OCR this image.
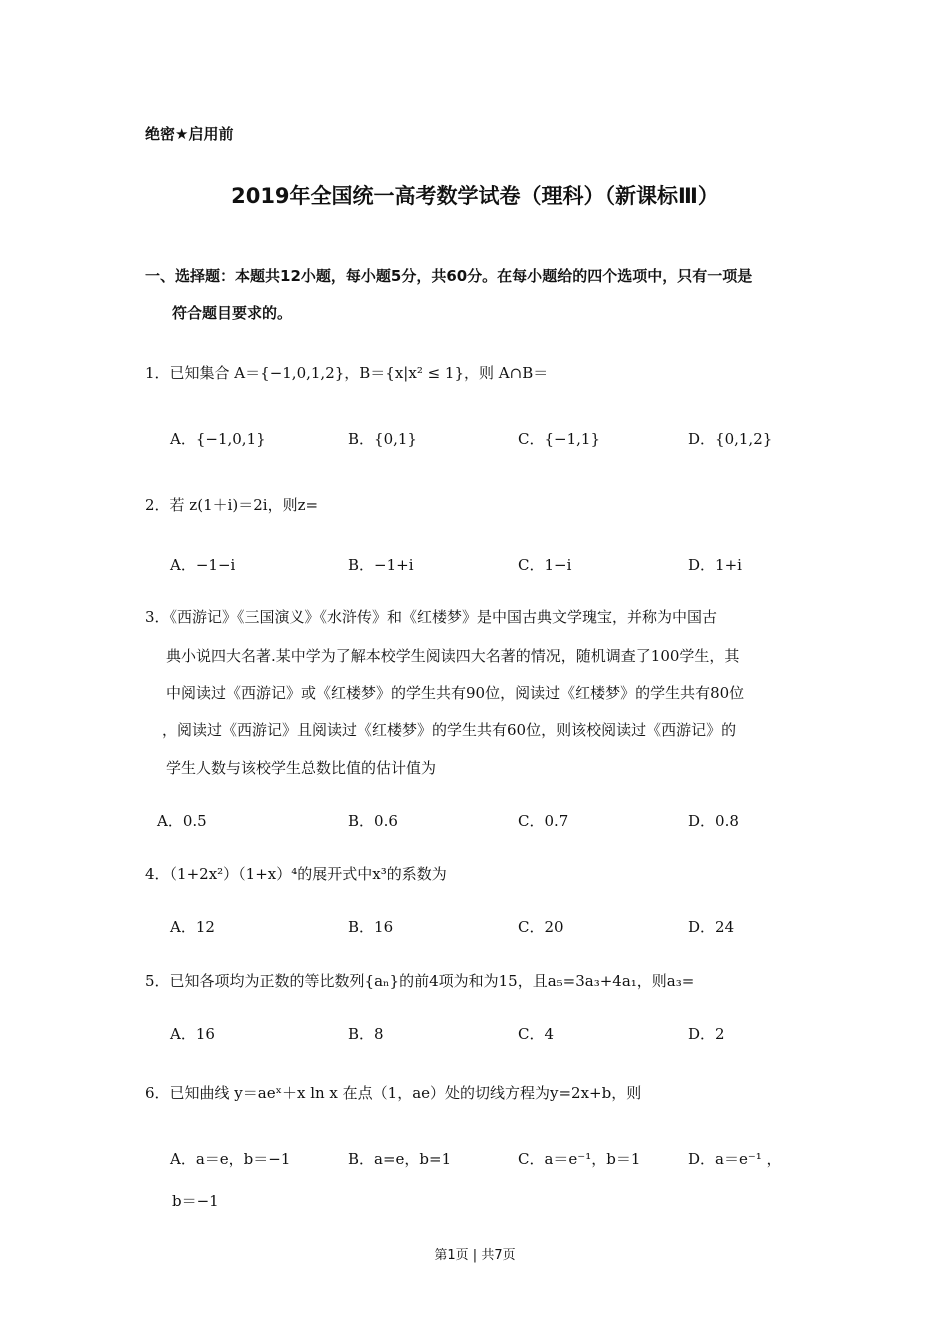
绝密★启用前
2019年全国统一高考数学试卷（理科）（新课标Ⅲ）
一、选择题：本题共12小题，每小题5分，共60分。在每小题给的四个选项中，只有一项是
符合题目要求的。
1．已知集合 A＝{−1,0,1,2}，B＝{x|x² ≤ 1}，则 A∩B＝
A．{−1,0,1}	B．{0,1}	C．{−1,1}	D．{0,1,2}
2．若 z(1＋i)＝2i，则z=
A．−1−i	B．−1+i	C．1−i	D．1+i
3．《西游记》《三国演义》《水浒传》和《红楼梦》是中国古典文学瑰宝，并称为中国古
典小说四大名著.某中学为了解本校学生阅读四大名著的情况，随机调查了100学生，其
中阅读过《西游记》或《红楼梦》的学生共有90位，阅读过《红楼梦》的学生共有80位
，阅读过《西游记》且阅读过《红楼梦》的学生共有60位，则该校阅读过《西游记》的
学生人数与该校学生总数比值的估计值为
A．0.5	B．0.6	C．0.7	D．0.8
4．（1+2x²）（1+x）⁴的展开式中x³的系数为
A．12	B．16	C．20	D．24
5．已知各项均为正数的等比数列{aₙ}的前4项为和为15，且a₅=3a₃+4a₁，则a₃=
A．16	B．8	C．4	D．2
6．已知曲线 y＝aeˣ＋x ln x 在点（1，ae）处的切线方程为y=2x+b，则
A．a＝e，b＝−1	B．a=e，b=1	C．a＝e⁻¹，b＝1	D．a＝e⁻¹ ，
b＝−1
第1页 | 共7页
